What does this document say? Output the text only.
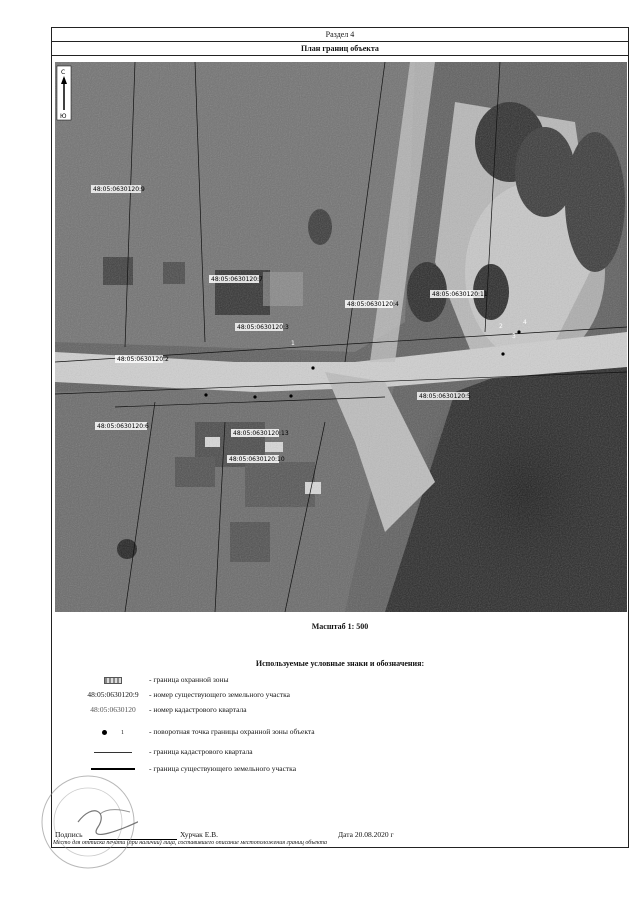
Раздел 4
План границ объекта
С
Ю
48:05:0630120:9
48:05:0630120:7
48:05:0630120:3
48:05:0630120:4
48:05:0630120:11
48:05:0630120:2
48:05:0630120:5
48:05:0630120:6
48:05:0630120:13
48:05:0630120:10
1
2
3
4
Масштаб 1: 500
Используемые условные знаки и обозначения:
- граница охранной зоны
48:05:0630120:9	- номер существующего земельного участка
48:05:0630120	- номер кадастрового квартала
1	- поворотная точка границы охранной зоны объекта
- граница кадастрового квартала
- граница существующего земельного участка
Подпись	Хурчак Е.В.	Дата 20.08.2020 г
Место для оттиска печати (при наличии) лица, составившего описание местоположения границ объекта
